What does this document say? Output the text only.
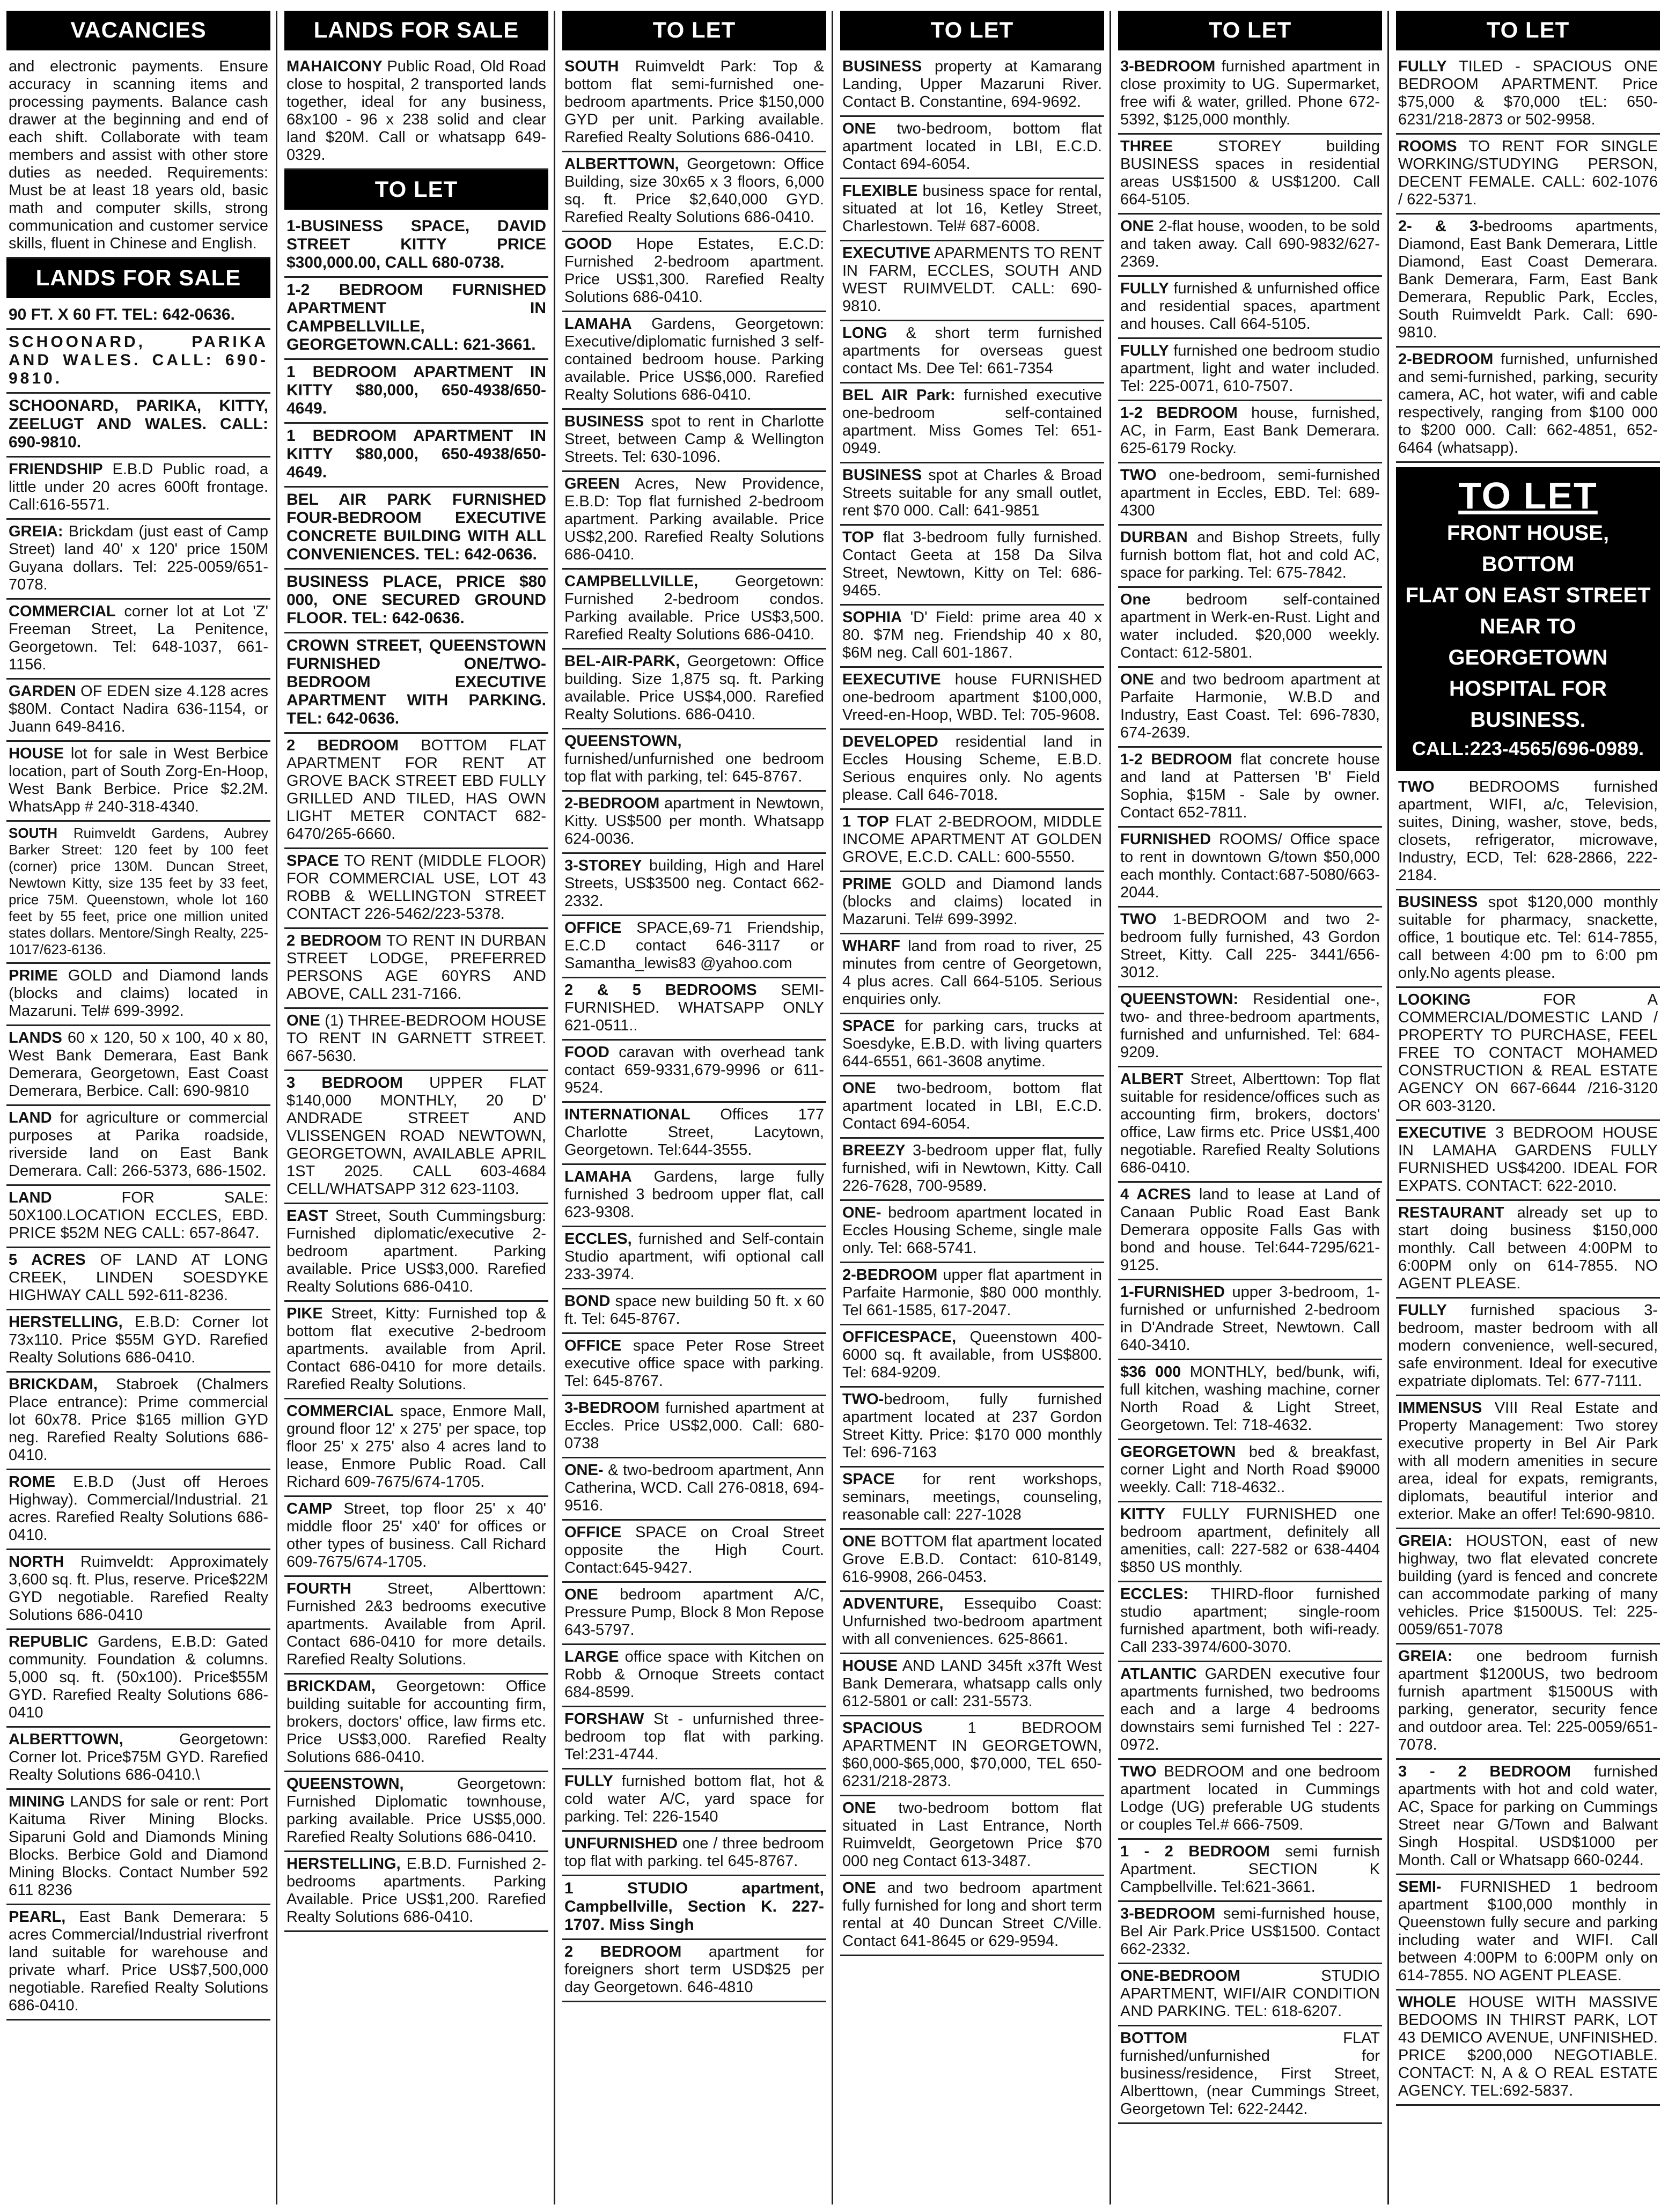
VACANCIES
and electronic payments. Ensure accuracy in scanning items and processing payments. Balance cash drawer at the beginning and end of each shift. Collaborate with team members and assist with other store duties as needed. Requirements: Must be at least 18 years old, basic math and computer skills, strong communication and customer service skills, fluent in Chinese and English.
LANDS FOR SALE
90 FT. X 60 FT. TEL: 642-0636.
SCHOONARD, PARIKA AND WALES. CALL: 690-9810.
SCHOONARD, PARIKA, KITTY, ZEELUGT AND WALES. CALL: 690-9810.
FRIENDSHIP E.B.D Public road, a little under 20 acres 600ft frontage. Call:616-5571.
GREIA: Brickdam (just east of Camp Street) land 40' x 120' price 150M Guyana dollars. Tel: 225-0059/651-7078.
COMMERCIAL corner lot at Lot 'Z' Freeman Street, La Penitence, Georgetown. Tel: 648-1037, 661-1156.
GARDEN OF EDEN size 4.128 acres $80M. Contact Nadira 636-1154, or Juann 649-8416.
HOUSE lot for sale in West Berbice location, part of South Zorg-En-Hoop, West Bank Berbice. Price $2.2M. WhatsApp # 240-318-4340.
SOUTH Ruimveldt Gardens, Aubrey Barker Street: 120 feet by 100 feet (corner) price 130M. Duncan Street, Newtown Kitty, size 135 feet by 33 feet, price 75M. Queenstown, whole lot 160 feet by 55 feet, price one million united states dollars. Mentore/Singh Realty, 225-1017/623-6136.
PRIME GOLD and Diamond lands (blocks and claims) located in Mazaruni. Tel# 699-3992.
LANDS 60 x 120, 50 x 100, 40 x 80, West Bank Demerara, East Bank Demerara, Georgetown, East Coast Demerara, Berbice. Call: 690-9810
LAND for agriculture or commercial purposes at Parika roadside, riverside land on East Bank Demerara. Call: 266-5373, 686-1502.
LAND FOR SALE: 50X100.LOCATION ECCLES, EBD. PRICE $52M NEG CALL: 657-8647.
5 ACRES OF LAND AT LONG CREEK, LINDEN SOESDYKE HIGHWAY CALL 592-611-8236.
HERSTELLING, E.B.D: Corner lot 73x110. Price $55M GYD. Rarefied Realty Solutions 686-0410.
BRICKDAM, Stabroek (Chalmers Place entrance): Prime commercial lot 60x78. Price $165 million GYD neg. Rarefied Realty Solutions 686-0410.
ROME E.B.D (Just off Heroes Highway). Commercial/Industrial. 21 acres. Rarefied Realty Solutions 686-0410.
NORTH Ruimveldt: Approximately 3,600 sq. ft. Plus, reserve. Price$22M GYD negotiable. Rarefied Realty Solutions 686-0410
REPUBLIC Gardens, E.B.D: Gated community. Foundation & columns. 5,000 sq. ft. (50x100). Price$55M GYD. Rarefied Realty Solutions 686-0410
ALBERTTOWN, Georgetown: Corner lot. Price$75M GYD. Rarefied Realty Solutions 686-0410.\
MINING LANDS for sale or rent: Port Kaituma River Mining Blocks. Siparuni Gold and Diamonds Mining Blocks. Berbice Gold and Diamond Mining Blocks. Contact Number 592 611 8236
PEARL, East Bank Demerara: 5 acres Commercial/Industrial riverfront land suitable for warehouse and private wharf. Price US$7,500,000 negotiable. Rarefied Realty Solutions 686-0410.
LANDS FOR SALE
MAHAICONY Public Road, Old Road close to hospital, 2 transported lands together, ideal for any business, 68x100 - 96 x 238 solid and clear land $20M. Call or whatsapp 649-0329.
TO LET
1-BUSINESS SPACE, DAVID STREET KITTY PRICE $300,000.00, CALL 680-0738.
1-2 BEDROOM FURNISHED APARTMENT IN CAMPBELLVILLE, GEORGETOWN.CALL: 621-3661.
1 BEDROOM APARTMENT IN KITTY $80,000, 650-4938/650-4649.
1 BEDROOM APARTMENT IN KITTY $80,000, 650-4938/650-4649.
BEL AIR PARK FURNISHED FOUR-BEDROOM EXECUTIVE CONCRETE BUILDING WITH ALL CONVENIENCES. TEL: 642-0636.
BUSINESS PLACE, PRICE $80 000, ONE SECURED GROUND FLOOR. TEL: 642-0636.
CROWN STREET, QUEENSTOWN FURNISHED ONE/TWO-BEDROOM EXECUTIVE APARTMENT WITH PARKING. TEL: 642-0636.
2 BEDROOM BOTTOM FLAT APARTMENT FOR RENT AT GROVE BACK STREET EBD FULLY GRILLED AND TILED, HAS OWN LIGHT METER CONTACT 682-6470/265-6660.
SPACE TO RENT (MIDDLE FLOOR) FOR COMMERCIAL USE, LOT 43 ROBB & WELLINGTON STREET CONTACT 226-5462/223-5378.
2 BEDROOM TO RENT IN DURBAN STREET LODGE, PREFERRED PERSONS AGE 60YRS AND ABOVE, CALL 231-7166.
ONE (1) THREE-BEDROOM HOUSE TO RENT IN GARNETT STREET. 667-5630.
3 BEDROOM UPPER FLAT $140,000 MONTHLY, 20 D' ANDRADE STREET AND VLISSENGEN ROAD NEWTOWN, GEORGETOWN, AVAILABLE APRIL 1ST 2025. CALL 603-4684 CELL/WHATSAPP 312 623-1103.
EAST Street, South Cummingsburg: Furnished diplomatic/executive 2-bedroom apartment. Parking available. Price US$3,000. Rarefied Realty Solutions 686-0410.
PIKE Street, Kitty: Furnished top & bottom flat executive 2-bedroom apartments. available from April. Contact 686-0410 for more details. Rarefied Realty Solutions.
COMMERCIAL space, Enmore Mall, ground floor 12' x 275' per space, top floor 25' x 275' also 4 acres land to lease, Enmore Public Road. Call Richard 609-7675/674-1705.
CAMP Street, top floor 25' x 40' middle floor 25' x40' for offices or other types of business. Call Richard 609-7675/674-1705.
FOURTH Street, Alberttown: Furnished 2&3 bedrooms executive apartments. Available from April. Contact 686-0410 for more details. Rarefied Realty Solutions.
BRICKDAM, Georgetown: Office building suitable for accounting firm, brokers, doctors' office, law firms etc. Price US$3,000. Rarefied Realty Solutions 686-0410.
QUEENSTOWN, Georgetown: Furnished Diplomatic townhouse, parking available. Price US$5,000. Rarefied Realty Solutions 686-0410.
HERSTELLING, E.B.D. Furnished 2-bedrooms apartments. Parking Available. Price US$1,200. Rarefied Realty Solutions 686-0410.
TO LET
SOUTH Ruimveldt Park: Top & bottom flat semi-furnished one-bedroom apartments. Price $150,000 GYD per unit. Parking available. Rarefied Realty Solutions 686-0410.
ALBERTTOWN, Georgetown: Office Building, size 30x65 x 3 floors, 6,000 sq. ft. Price $2,640,000 GYD. Rarefied Realty Solutions 686-0410.
GOOD Hope Estates, E.C.D: Furnished 2-bedroom apartment. Price US$1,300. Rarefied Realty Solutions 686-0410.
LAMAHA Gardens, Georgetown: Executive/diplomatic furnished 3 self-contained bedroom house. Parking available. Price US$6,000. Rarefied Realty Solutions 686-0410.
BUSINESS spot to rent in Charlotte Street, between Camp & Wellington Streets. Tel: 630-1096.
GREEN Acres, New Providence, E.B.D: Top flat furnished 2-bedroom apartment. Parking available. Price US$2,200. Rarefied Realty Solutions 686-0410.
CAMPBELLVILLE, Georgetown: Furnished 2-bedroom condos. Parking available. Price US$3,500. Rarefied Realty Solutions 686-0410.
BEL-AIR-PARK, Georgetown: Office building. Size 1,875 sq. ft. Parking available. Price US$4,000. Rarefied Realty Solutions. 686-0410.
QUEENSTOWN, furnished/unfurnished one bedroom top flat with parking, tel: 645-8767.
2-BEDROOM apartment in Newtown, Kitty. US$500 per month. Whatsapp 624-0036.
3-STOREY building, High and Harel Streets, US$3500 neg. Contact 662-2332.
OFFICE SPACE,69-71 Friendship, E.C.D contact 646-3117 or Samantha_lewis83 @yahoo.com
2 & 5 BEDROOMS SEMI-FURNISHED. WHATSAPP ONLY 621-0511..
FOOD caravan with overhead tank contact 659-9331,679-9996 or 611-9524.
INTERNATIONAL Offices 177 Charlotte Street, Lacytown, Georgetown. Tel:644-3555.
LAMAHA Gardens, large fully furnished 3 bedroom upper flat, call 623-9308.
ECCLES, furnished and Self-contain Studio apartment, wifi optional call 233-3974.
BOND space new building 50 ft. x 60 ft. Tel: 645-8767.
OFFICE space Peter Rose Street executive office space with parking. Tel: 645-8767.
3-BEDROOM furnished apartment at Eccles. Price US$2,000. Call: 680-0738
ONE- & two-bedroom apartment, Ann Catherina, WCD. Call 276-0818, 694-9516.
OFFICE SPACE on Croal Street opposite the High Court. Contact:645-9427.
ONE bedroom apartment A/C, Pressure Pump, Block 8 Mon Repose 643-5797.
LARGE office space with Kitchen on Robb & Ornoque Streets contact 684-8599.
FORSHAW St - unfurnished three-bedroom top flat with parking. Tel:231-4744.
FULLY furnished bottom flat, hot & cold water A/C, yard space for parking. Tel: 226-1540
UNFURNISHED one / three bedroom top flat with parking. tel 645-8767.
1 STUDIO apartment, Campbellville, Section K. 227-1707. Miss Singh
2 BEDROOM apartment for foreigners short term USD$25 per day Georgetown. 646-4810
TO LET
BUSINESS property at Kamarang Landing, Upper Mazaruni River. Contact B. Constantine, 694-9692.
ONE two-bedroom, bottom flat apartment located in LBI, E.C.D. Contact 694-6054.
FLEXIBLE business space for rental, situated at lot 16, Ketley Street, Charlestown. Tel# 687-6008.
EXECUTIVE APARMENTS TO RENT IN FARM, ECCLES, SOUTH AND WEST RUIMVELDT. CALL: 690-9810.
LONG & short term furnished apartments for overseas guest contact Ms. Dee Tel: 661-7354
BEL AIR Park: furnished executive one-bedroom self-contained apartment. Miss Gomes Tel: 651-0949.
BUSINESS spot at Charles & Broad Streets suitable for any small outlet, rent $70 000. Call: 641-9851
TOP flat 3-bedroom fully furnished. Contact Geeta at 158 Da Silva Street, Newtown, Kitty on Tel: 686-9465.
SOPHIA 'D' Field: prime area 40 x 80. $7M neg. Friendship 40 x 80, $6M neg. Call 601-1867.
EEXECUTIVE house FURNISHED one-bedroom apartment $100,000, Vreed-en-Hoop, WBD. Tel: 705-9608.
DEVELOPED residential land in Eccles Housing Scheme, E.B.D. Serious enquires only. No agents please. Call 646-7018.
1 TOP FLAT 2-BEDROOM, MIDDLE INCOME APARTMENT AT GOLDEN GROVE, E.C.D. CALL: 600-5550.
PRIME GOLD and Diamond lands (blocks and claims) located in Mazaruni. Tel# 699-3992.
WHARF land from road to river, 25 minutes from centre of Georgetown, 4 plus acres. Call 664-5105. Serious enquiries only.
SPACE for parking cars, trucks at Soesdyke, E.B.D. with living quarters 644-6551, 661-3608 anytime.
ONE two-bedroom, bottom flat apartment located in LBI, E.C.D. Contact 694-6054.
BREEZY 3-bedroom upper flat, fully furnished, wifi in Newtown, Kitty. Call 226-7628, 700-9589.
ONE- bedroom apartment located in Eccles Housing Scheme, single male only. Tel: 668-5741.
2-BEDROOM upper flat apartment in Parfaite Harmonie, $80 000 monthly. Tel 661-1585, 617-2047.
OFFICESPACE, Queenstown 400-6000 sq. ft available, from US$800. Tel: 684-9209.
TWO-bedroom, fully furnished apartment located at 237 Gordon Street Kitty. Price: $170 000 monthly Tel: 696-7163
SPACE for rent workshops, seminars, meetings, counseling, reasonable call: 227-1028
ONE BOTTOM flat apartment located Grove E.B.D. Contact: 610-8149, 616-9908, 266-0453.
ADVENTURE, Essequibo Coast: Unfurnished two-bedroom apartment with all conveniences. 625-8661.
HOUSE AND LAND 345ft x37ft West Bank Demerara, whatsapp calls only 612-5801 or call: 231-5573.
SPACIOUS 1 BEDROOM APARTMENT IN GEORGETOWN, $60,000-$65,000, $70,000, TEL 650-6231/218-2873.
ONE two-bedroom bottom flat situated in Last Entrance, North Ruimveldt, Georgetown Price $70 000 neg Contact 613-3487.
ONE and two bedroom apartment fully furnished for long and short term rental at 40 Duncan Street C/Ville. Contact 641-8645 or 629-9594.
TO LET
3-BEDROOM furnished apartment in close proximity to UG. Supermarket, free wifi & water, grilled. Phone 672-5392, $125,000 monthly.
THREE STOREY building BUSINESS spaces in residential areas US$1500 & US$1200. Call 664-5105.
ONE 2-flat house, wooden, to be sold and taken away. Call 690-9832/627-2369.
FULLY furnished & unfurnished office and residential spaces, apartment and houses. Call 664-5105.
FULLY furnished one bedroom studio apartment, light and water included. Tel: 225-0071, 610-7507.
1-2 BEDROOM house, furnished, AC, in Farm, East Bank Demerara. 625-6179 Rocky.
TWO one-bedroom, semi-furnished apartment in Eccles, EBD. Tel: 689-4300
DURBAN and Bishop Streets, fully furnish bottom flat, hot and cold AC, space for parking. Tel: 675-7842.
One bedroom self-contained apartment in Werk-en-Rust. Light and water included. $20,000 weekly. Contact: 612-5801.
ONE and two bedroom apartment at Parfaite Harmonie, W.B.D and Industry, East Coast. Tel: 696-7830, 674-2639.
1-2 BEDROOM flat concrete house and land at Pattersen 'B' Field Sophia, $15M - Sale by owner. Contact 652-7811.
FURNISHED ROOMS/ Office space to rent in downtown G/town $50,000 each monthly. Contact:687-5080/663-2044.
TWO 1-BEDROOM and two 2-bedroom fully furnished, 43 Gordon Street, Kitty. Call 225- 3441/656-3012.
QUEENSTOWN: Residential one-, two- and three-bedroom apartments, furnished and unfurnished. Tel: 684-9209.
ALBERT Street, Alberttown: Top flat suitable for residence/offices such as accounting firm, brokers, doctors' office, Law firms etc. Price US$1,400 negotiable. Rarefied Realty Solutions 686-0410.
4 ACRES land to lease at Land of Canaan Public Road East Bank Demerara opposite Falls Gas with bond and house. Tel:644-7295/621-9125.
1-FURNISHED upper 3-bedroom, 1-furnished or unfurnished 2-bedroom in D'Andrade Street, Newtown. Call 640-3410.
$36 000 MONTHLY, bed/bunk, wifi, full kitchen, washing machine, corner North Road & Light Street, Georgetown. Tel: 718-4632.
GEORGETOWN bed & breakfast, corner Light and North Road $9000 weekly. Call: 718-4632..
KITTY FULLY FURNISHED one bedroom apartment, definitely all amenities, call: 227-582 or 638-4404 $850 US monthly.
ECCLES: THIRD-floor furnished studio apartment; single-room furnished apartment, both wifi-ready. Call 233-3974/600-3070.
ATLANTIC GARDEN executive four apartments furnished, two bedrooms each and a large 4 bedrooms downstairs semi furnished Tel : 227-0972.
TWO BEDROOM and one bedroom apartment located in Cummings Lodge (UG) preferable UG students or couples Tel.# 666-7509.
1 - 2 BEDROOM semi furnish Apartment. SECTION K Campbellville. Tel:621-3661.
3-BEDROOM semi-furnished house, Bel Air Park.Price US$1500. Contact 662-2332.
ONE-BEDROOM STUDIO APARTMENT, WIFI/AIR CONDITION AND PARKING. TEL: 618-6207.
BOTTOM FLAT furnished/unfurnished for business/residence, First Street, Alberttown, (near Cummings Street, Georgetown Tel: 622-2442.
TO LET
FULLY TILED - SPACIOUS ONE BEDROOM APARTMENT. Price $75,000 & $70,000 tEL: 650-6231/218-2873 or 502-9958.
ROOMS TO RENT FOR SINGLE WORKING/STUDYING PERSON, DECENT FEMALE. CALL: 602-1076 / 622-5371.
2- & 3-bedrooms apartments, Diamond, East Bank Demerara, Little Diamond, East Coast Demerara. Bank Demerara, Farm, East Bank Demerara, Republic Park, Eccles, South Ruimveldt Park. Call: 690-9810.
2-BEDROOM furnished, unfurnished and semi-furnished, parking, security camera, AC, hot water, wifi and cable respectively, ranging from $100 000 to $200 000. Call: 662-4851, 652-6464 (whatsapp).
TO LET
FRONT HOUSE, BOTTOM
FLAT ON EAST STREET
NEAR TO GEORGETOWN
HOSPITAL FOR
BUSINESS.
CALL:223-4565/696-0989.
TWO BEDROOMS furnished apartment, WIFI, a/c, Television, suites, Dining, washer, stove, beds, closets, refrigerator, microwave, Industry, ECD, Tel: 628-2866, 222-2184.
BUSINESS spot $120,000 monthly suitable for pharmacy, snackette, office, 1 boutique etc. Tel: 614-7855, call between 4:00 pm to 6:00 pm only.No agents please.
LOOKING FOR A COMMERCIAL/DOMESTIC LAND / PROPERTY TO PURCHASE, FEEL FREE TO CONTACT MOHAMED CONSTRUCTION & REAL ESTATE AGENCY ON 667-6644 /216-3120 OR 603-3120.
EXECUTIVE 3 BEDROOM HOUSE IN LAMAHA GARDENS FULLY FURNISHED US$4200. IDEAL FOR EXPATS. CONTACT: 622-2010.
RESTAURANT already set up to start doing business $150,000 monthly. Call between 4:00PM to 6:00PM only on 614-7855. NO AGENT PLEASE.
FULLY furnished spacious 3-bedroom, master bedroom with all modern convenience, well-secured, safe environment. Ideal for executive expatriate diplomats. Tel: 677-7111.
IMMENSUS VIII Real Estate and Property Management: Two storey executive property in Bel Air Park with all modern amenities in secure area, ideal for expats, remigrants, diplomats, beautiful interior and exterior. Make an offer! Tel:690-9810.
GREIA: HOUSTON, east of new highway, two flat elevated concrete building (yard is fenced and concrete can accommodate parking of many vehicles. Price $1500US. Tel: 225-0059/651-7078
GREIA: one bedroom furnish apartment $1200US, two bedroom furnish apartment $1500US with parking, generator, security fence and outdoor area. Tel: 225-0059/651-7078.
3 - 2 BEDROOM furnished apartments with hot and cold water, AC, Space for parking on Cummings Street near G/Town and Balwant Singh Hospital. USD$1000 per Month. Call or Whatsapp 660-0244.
SEMI- FURNISHED 1 bedroom apartment $100,000 monthly in Queenstown fully secure and parking including water and WIFI. Call between 4:00PM to 6:00PM only on 614-7855. NO AGENT PLEASE.
WHOLE HOUSE WITH MASSIVE BEDOOMS IN THIRST PARK, LOT 43 DEMICO AVENUE, UNFINISHED. PRICE $200,000 NEGOTIABLE. CONTACT: N, A & O REAL ESTATE AGENCY. TEL:692-5837.
